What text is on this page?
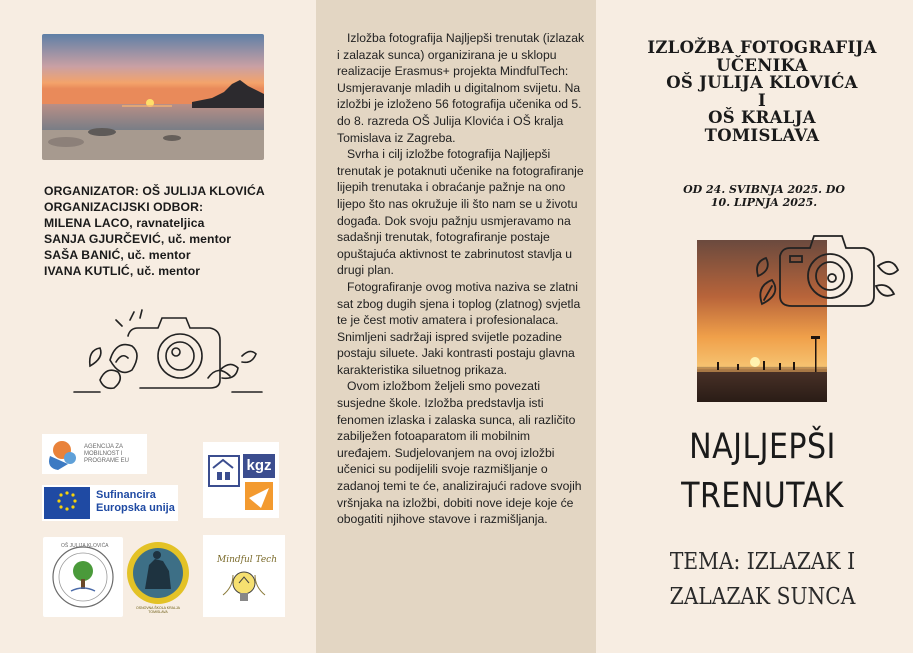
ORGANIZATOR: OŠ JULIJA KLOVIĆA
ORGANIZACIJSKI ODBOR:
MILENA LACO, ravnateljica
SANJA GJURČEVIĆ, uč. mentor
SAŠA BANIĆ, uč. mentor
IVANA KUTLIĆ, uč. mentor
AGENCIJA ZA
MOBILNOST I
PROGRAME EU
Sufinancira
Europska unija
kgz
OŠ JULIJA KLOVIĆA
OSNOVNA ŠKOLA KRALJA TOMISLAVA
Mindful Tech

Izložba fotografija Najljepši trenutak (izlazak i zalazak sunca) organizirana je u sklopu realizacije Erasmus+ projekta MindfulTech: Usmjeravanje mladih u digitalnom svijetu. Na izložbi je izloženo 56 fotografija učenika od 5. do 8. razreda OŠ Julija Klovića i OŠ kralja Tomislava iz Zagreba.

Svrha i cilj izložbe fotografija Najljepši trenutak je potaknuti učenike na fotografiranje lijepih trenutaka i obraćanje pažnje na ono lijepo što nas okružuje ili što nam se u životu događa. Dok svoju pažnju usmjeravamo na sadašnji trenutak, fotografiranje postaje opuštajuća aktivnost te zabrinutost stavlja u drugi plan.

Fotografiranje ovog motiva naziva se zlatni sat zbog dugih sjena i toplog (zlatnog) svjetla te je čest motiv amatera i profesionalaca. Snimljeni sadržaji ispred svijetle pozadine postaju siluete. Jaki kontrasti postaju glavna karakteristika siluetnog prikaza.

Ovom izložbom željeli smo povezati susjedne škole. Izložba predstavlja isti fenomen izlaska i zalaska sunca, ali različito zabilježen fotoaparatom ili mobilnim uređajem. Sudjelovanjem na ovoj izložbi učenici su podijelili svoje razmišljanje o zadanoj temi te će, analizirajući radove svojih vršnjaka na izložbi, dobiti nove ideje koje će obogatiti njihove stavove i razmišljanja.

IZLOŽBA FOTOGRAFIJA
UČENIKA
OŠ JULIJA KLOVIĆA
I
OŠ KRALJA
TOMISLAVA
OD 24. SVIBNJA 2025. DO
10. LIPNJA 2025.
NAJLJEPŠI
TRENUTAK
TEMA: IZLAZAK I
ZALAZAK SUNCA
